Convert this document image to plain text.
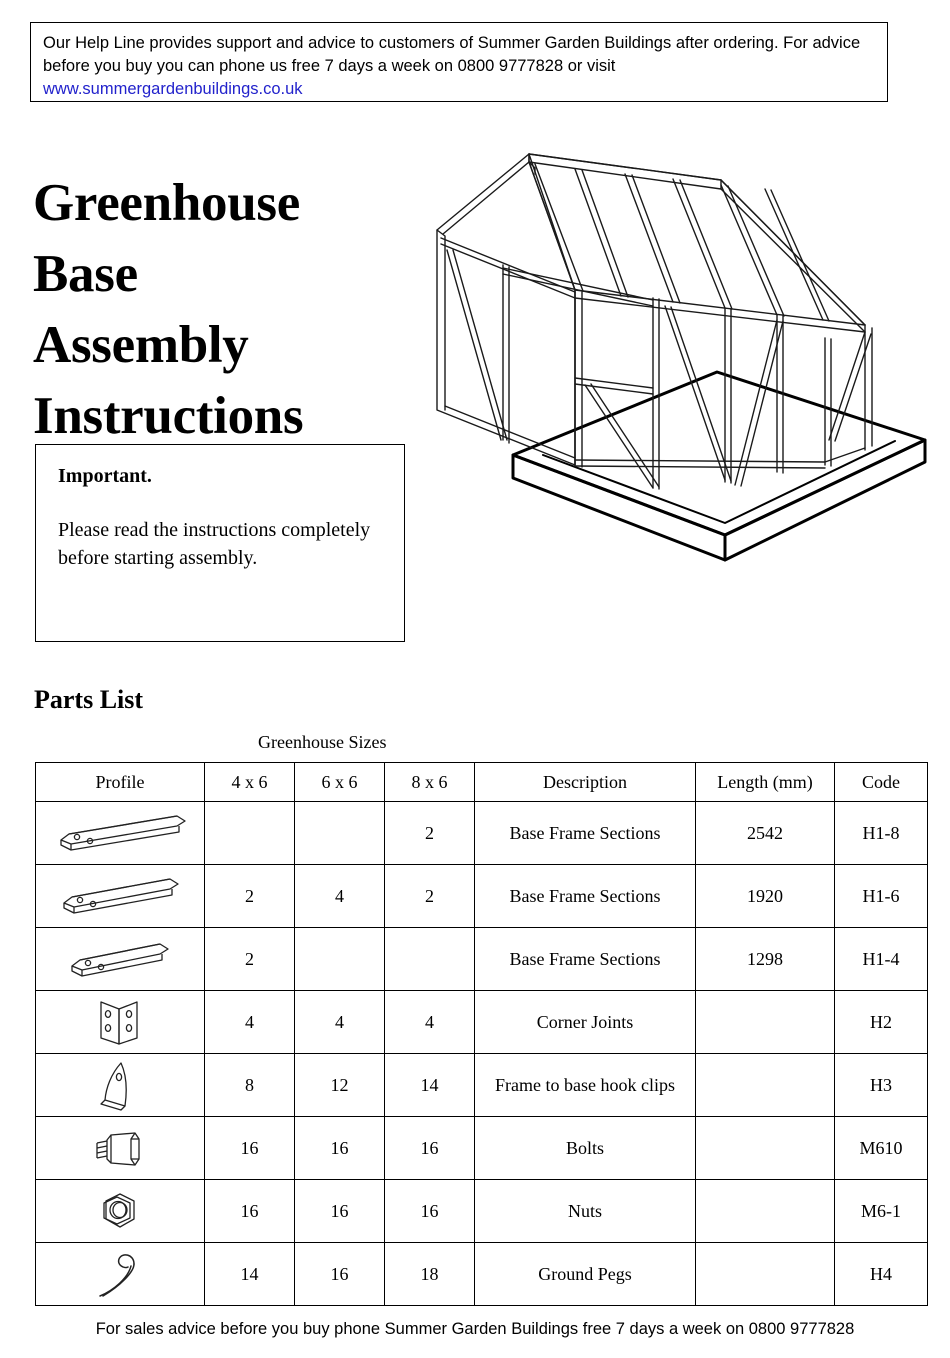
Our Help Line provides support and advice to customers of Summer Garden Buildings after ordering. For advice before you buy you can phone us free 7 days a week on 0800 9777828 or visit www.summergardenbuildings.co.uk
Greenhouse
Base
Assembly
Instructions
Important.
Please read the instructions completely before starting assembly.
Parts List
Greenhouse Sizes
Profile	4 x 6	6 x 6	8 x 6	Description	Length (mm)	Code

			2	Base Frame Sections	2542	H1-8

	2	4	2	Base Frame Sections	1920	H1-6

	2			Base Frame Sections	1298	H1-4

	4	4	4	Corner Joints		H2

	8	12	14	Frame to base hook clips		H3

	16	16	16	Bolts		M610

	16	16	16	Nuts		M6-1

	14	16	18	Ground Pegs		H4
For sales advice before you buy phone Summer Garden Buildings free 7 days a week on 0800 9777828
